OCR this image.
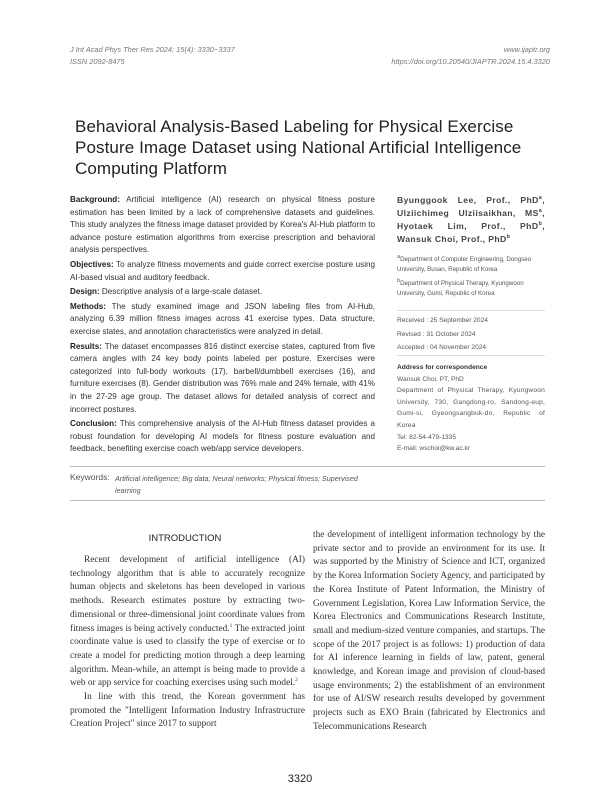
J Int Acad Phys Ther Res 2024; 15(4): 3330~3337
ISSN 2092-8475
www.ijaptr.org
https://doi.org/10.20540/JIAPTR.2024.15.4.3320
Behavioral Analysis-Based Labeling for Physical Exercise Posture Image Dataset using National Artificial Intelligence Computing Platform

Background: Artificial intelligence (AI) research on physical fitness posture estimation has been limited by a lack of comprehensive datasets and guidelines. This study analyzes the fitness image dataset provided by Korea's AI-Hub platform to advance posture estimation algorithms from exercise prescription and behavioral analysis perspectives.

Objectives: To analyze fitness movements and guide correct exercise posture using AI-based visual and auditory feedback.

Design: Descriptive analysis of a large-scale dataset.

Methods: The study examined image and JSON labeling files from AI-Hub, analyzing 6.39 million fitness images across 41 exercise types. Data structure, exercise states, and annotation characteristics were analyzed in detail.

Results: The dataset encompasses 816 distinct exercise states, captured from five camera angles with 24 key body points labeled per posture. Exercises were categorized into full-body workouts (17), barbell/dumbbell exercises (16), and furniture exercises (8). Gender distribution was 76% male and 24% female, with 41% in the 27-29 age group. The dataset allows for detailed analysis of correct and incorrect postures.

Conclusion: This comprehensive analysis of the AI-Hub fitness dataset provides a robust foundation for developing AI models for fitness posture evaluation and feedback, benefiting exercise coach web/app service developers.

Byunggook Lee, Prof., PhD$^a$, Ulziichimeg Ulziisaikhan, $MS^a$, Hyotaek Lim, Prof., PhD$^b$, Wansuk Choi, Prof., PhD$^b$

$^a$Department of Computer Engineering, Dongseo University, Busan, Republic of Korea

$^b$Department of Physical Therapy, Kyungwoon University, Gumi, Republic of Korea

Received : 25 September 2024
Revised : 31 October 2024
Accepted : 04 November 2024
Address for correspondence
Wansuk Choi, PT, PhD
Department of Physical Therapy, Kyungwoon University, 730, Gangdong-ro, Sandong-eup, Gumi-si, Gyeongsangbuk-do, Republic of Korea
Tel: 82-54-479-1335
E-mail: wschoi@kw.ac.kr
Keywords: Artificial intelligence; Big data; Neural networks; Physical fitness; Supervised learning
INTRODUCTION

Recent development of artificial intelligence (AI) technology algorithm that is able to accurately recognize human objects and skeletons has been developed in various methods. Research estimates posture by extracting two-dimensional or three-dimensional joint coordinate values from fitness images is being actively conducted.$^1$ The extracted joint coordinate value is used to classify the type of exercise or to create a model for predicting motion through a deep learning algorithm. Mean-while, an attempt is being made to provide a web or app service for coaching exercises using such model.$^2$

In line with this trend, the Korean government has promoted the "Intelligent Information Industry Infrastructure Creation Project" since 2017 to support

the development of intelligent information technology by the private sector and to provide an environment for its use. It was supported by the Ministry of Science and ICT, organized by the Korea Information Society Agency, and participated by the Korea Institute of Patent Information, the Ministry of Government Legislation, Korea Law Information Service, the Korea Electronics and Communications Research Institute, small and medium-sized venture companies, and startups. The scope of the 2017 project is as follows: 1) production of data for AI inference learning in fields of law, patent, general knowledge, and Korean image and provision of cloud-based usage environments; 2) the establishment of an environment for use of AI/SW research results developed by government projects such as EXO Brain (fabricated by Electronics and Telecommunications Research

3320
